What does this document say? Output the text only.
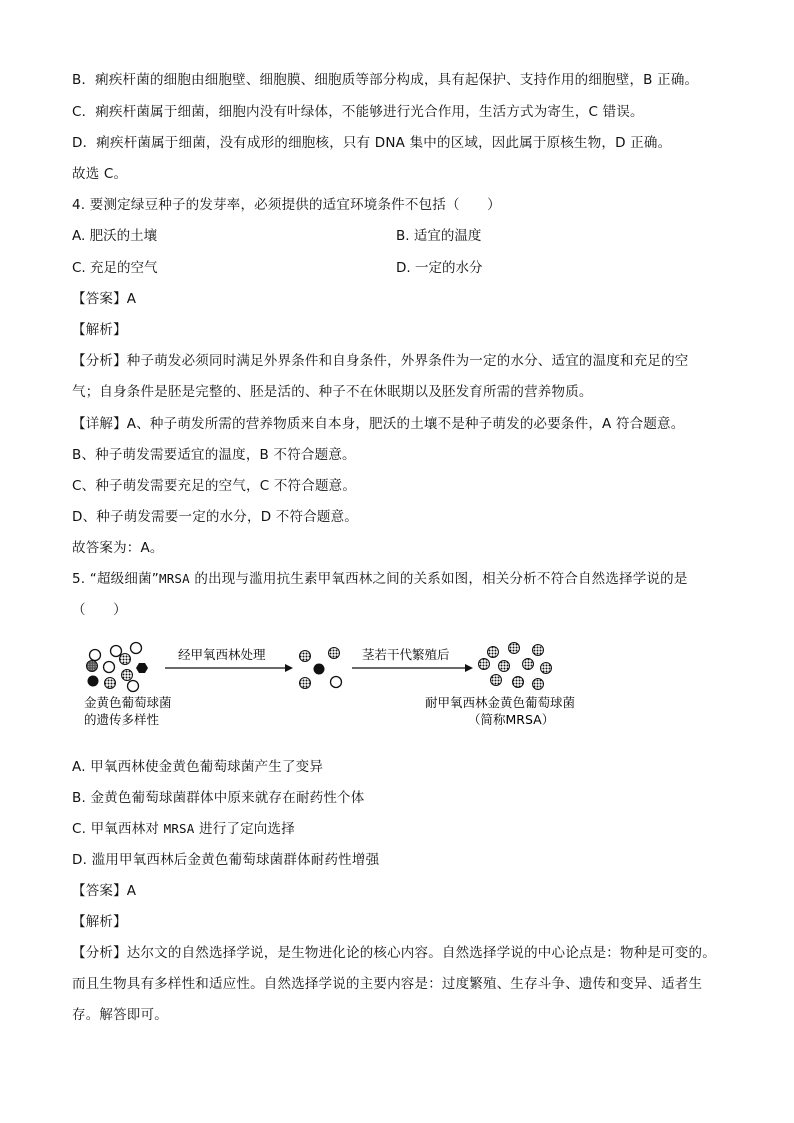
B．痢疾杆菌的细胞由细胞壁、细胞膜、细胞质等部分构成，具有起保护、支持作用的细胞壁，B 正确。
C．痢疾杆菌属于细菌，细胞内没有叶绿体，不能够进行光合作用，生活方式为寄生，C 错误。
D．痢疾杆菌属于细菌，没有成形的细胞核，只有 DNA 集中的区域，因此属于原核生物，D 正确。
故选 C。
4. 要测定绿豆种子的发芽率，必须提供的适宜环境条件不包括（　　）
A. 肥沃的土壤	B. 适宜的温度
C. 充足的空气	D. 一定的水分
【答案】A
【解析】
【分析】种子萌发必须同时满足外界条件和自身条件，外界条件为一定的水分、适宜的温度和充足的空
气；自身条件是胚是完整的、胚是活的、种子不在休眠期以及胚发育所需的营养物质。
【详解】A、种子萌发所需的营养物质来自本身，肥沃的土壤不是种子萌发的必要条件，A 符合题意。
B、种子萌发需要适宜的温度，B 不符合题意。
C、种子萌发需要充足的空气，C 不符合题意。
D、种子萌发需要一定的水分，D 不符合题意。
故答案为：A。
5. “超级细菌”MRSA 的出现与滥用抗生素甲氧西林之间的关系如图，相关分析不符合自然选择学说的是
（　　）
经甲氧西林处理	茎若干代繁殖后
金黄色葡萄球菌
的遗传多样性
耐甲氧西林金黄色葡萄球菌
（简称MRSA）
A. 甲氧西林使金黄色葡萄球菌产生了变异
B. 金黄色葡萄球菌群体中原来就存在耐药性个体
C. 甲氧西林对 MRSA 进行了定向选择
D. 滥用甲氧西林后金黄色葡萄球菌群体耐药性增强
【答案】A
【解析】
【分析】达尔文的自然选择学说，是生物进化论的核心内容。自然选择学说的中心论点是：物种是可变的。
而且生物具有多样性和适应性。自然选择学说的主要内容是：过度繁殖、生存斗争、遗传和变异、适者生
存。解答即可。
